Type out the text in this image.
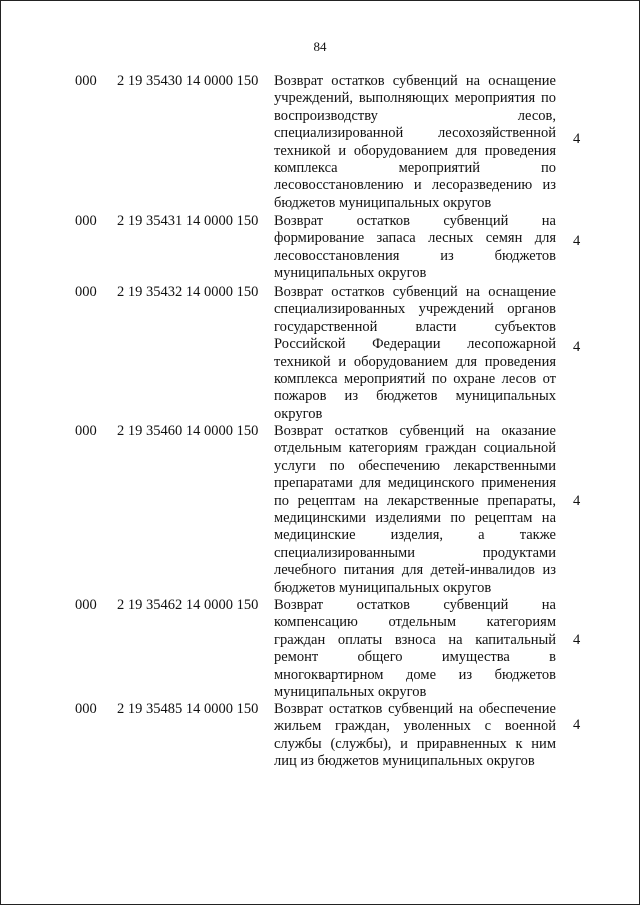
84
000 2 19 35430 14 0000 150 Возврат остатков субвенций на оснащение
учреждений, выполняющих мероприятия по
воспроизводству лесов,
специализированной лесохозяйственной
техникой и оборудованием для проведения
комплекса мероприятий по
лесовосстановлению и лесоразведению из
бюджетов муниципальных округов
4
000 2 19 35431 14 0000 150 Возврат остатков субвенций на
формирование запаса лесных семян для
лесовосстановления из бюджетов
муниципальных округов
4
000 2 19 35432 14 0000 150 Возврат остатков субвенций на оснащение
специализированных учреждений органов
государственной власти субъектов
Российской Федерации лесопожарной
техникой и оборудованием для проведения
комплекса мероприятий по охране лесов от
пожаров из бюджетов муниципальных
округов
4
000 2 19 35460 14 0000 150 Возврат остатков субвенций на оказание
отдельным категориям граждан социальной
услуги по обеспечению лекарственными
препаратами для медицинского применения
по рецептам на лекарственные препараты,
медицинскими изделиями по рецептам на
медицинские изделия, а также
специализированными продуктами
лечебного питания для детей-инвалидов из
бюджетов муниципальных округов
4
000 2 19 35462 14 0000 150 Возврат остатков субвенций на
компенсацию отдельным категориям
граждан оплаты взноса на капитальный
ремонт общего имущества в
многоквартирном доме из бюджетов
муниципальных округов
4
000 2 19 35485 14 0000 150 Возврат остатков субвенций на обеспечение
жильем граждан, уволенных с военной
службы (службы), и приравненных к ним
лиц из бюджетов муниципальных округов
4
